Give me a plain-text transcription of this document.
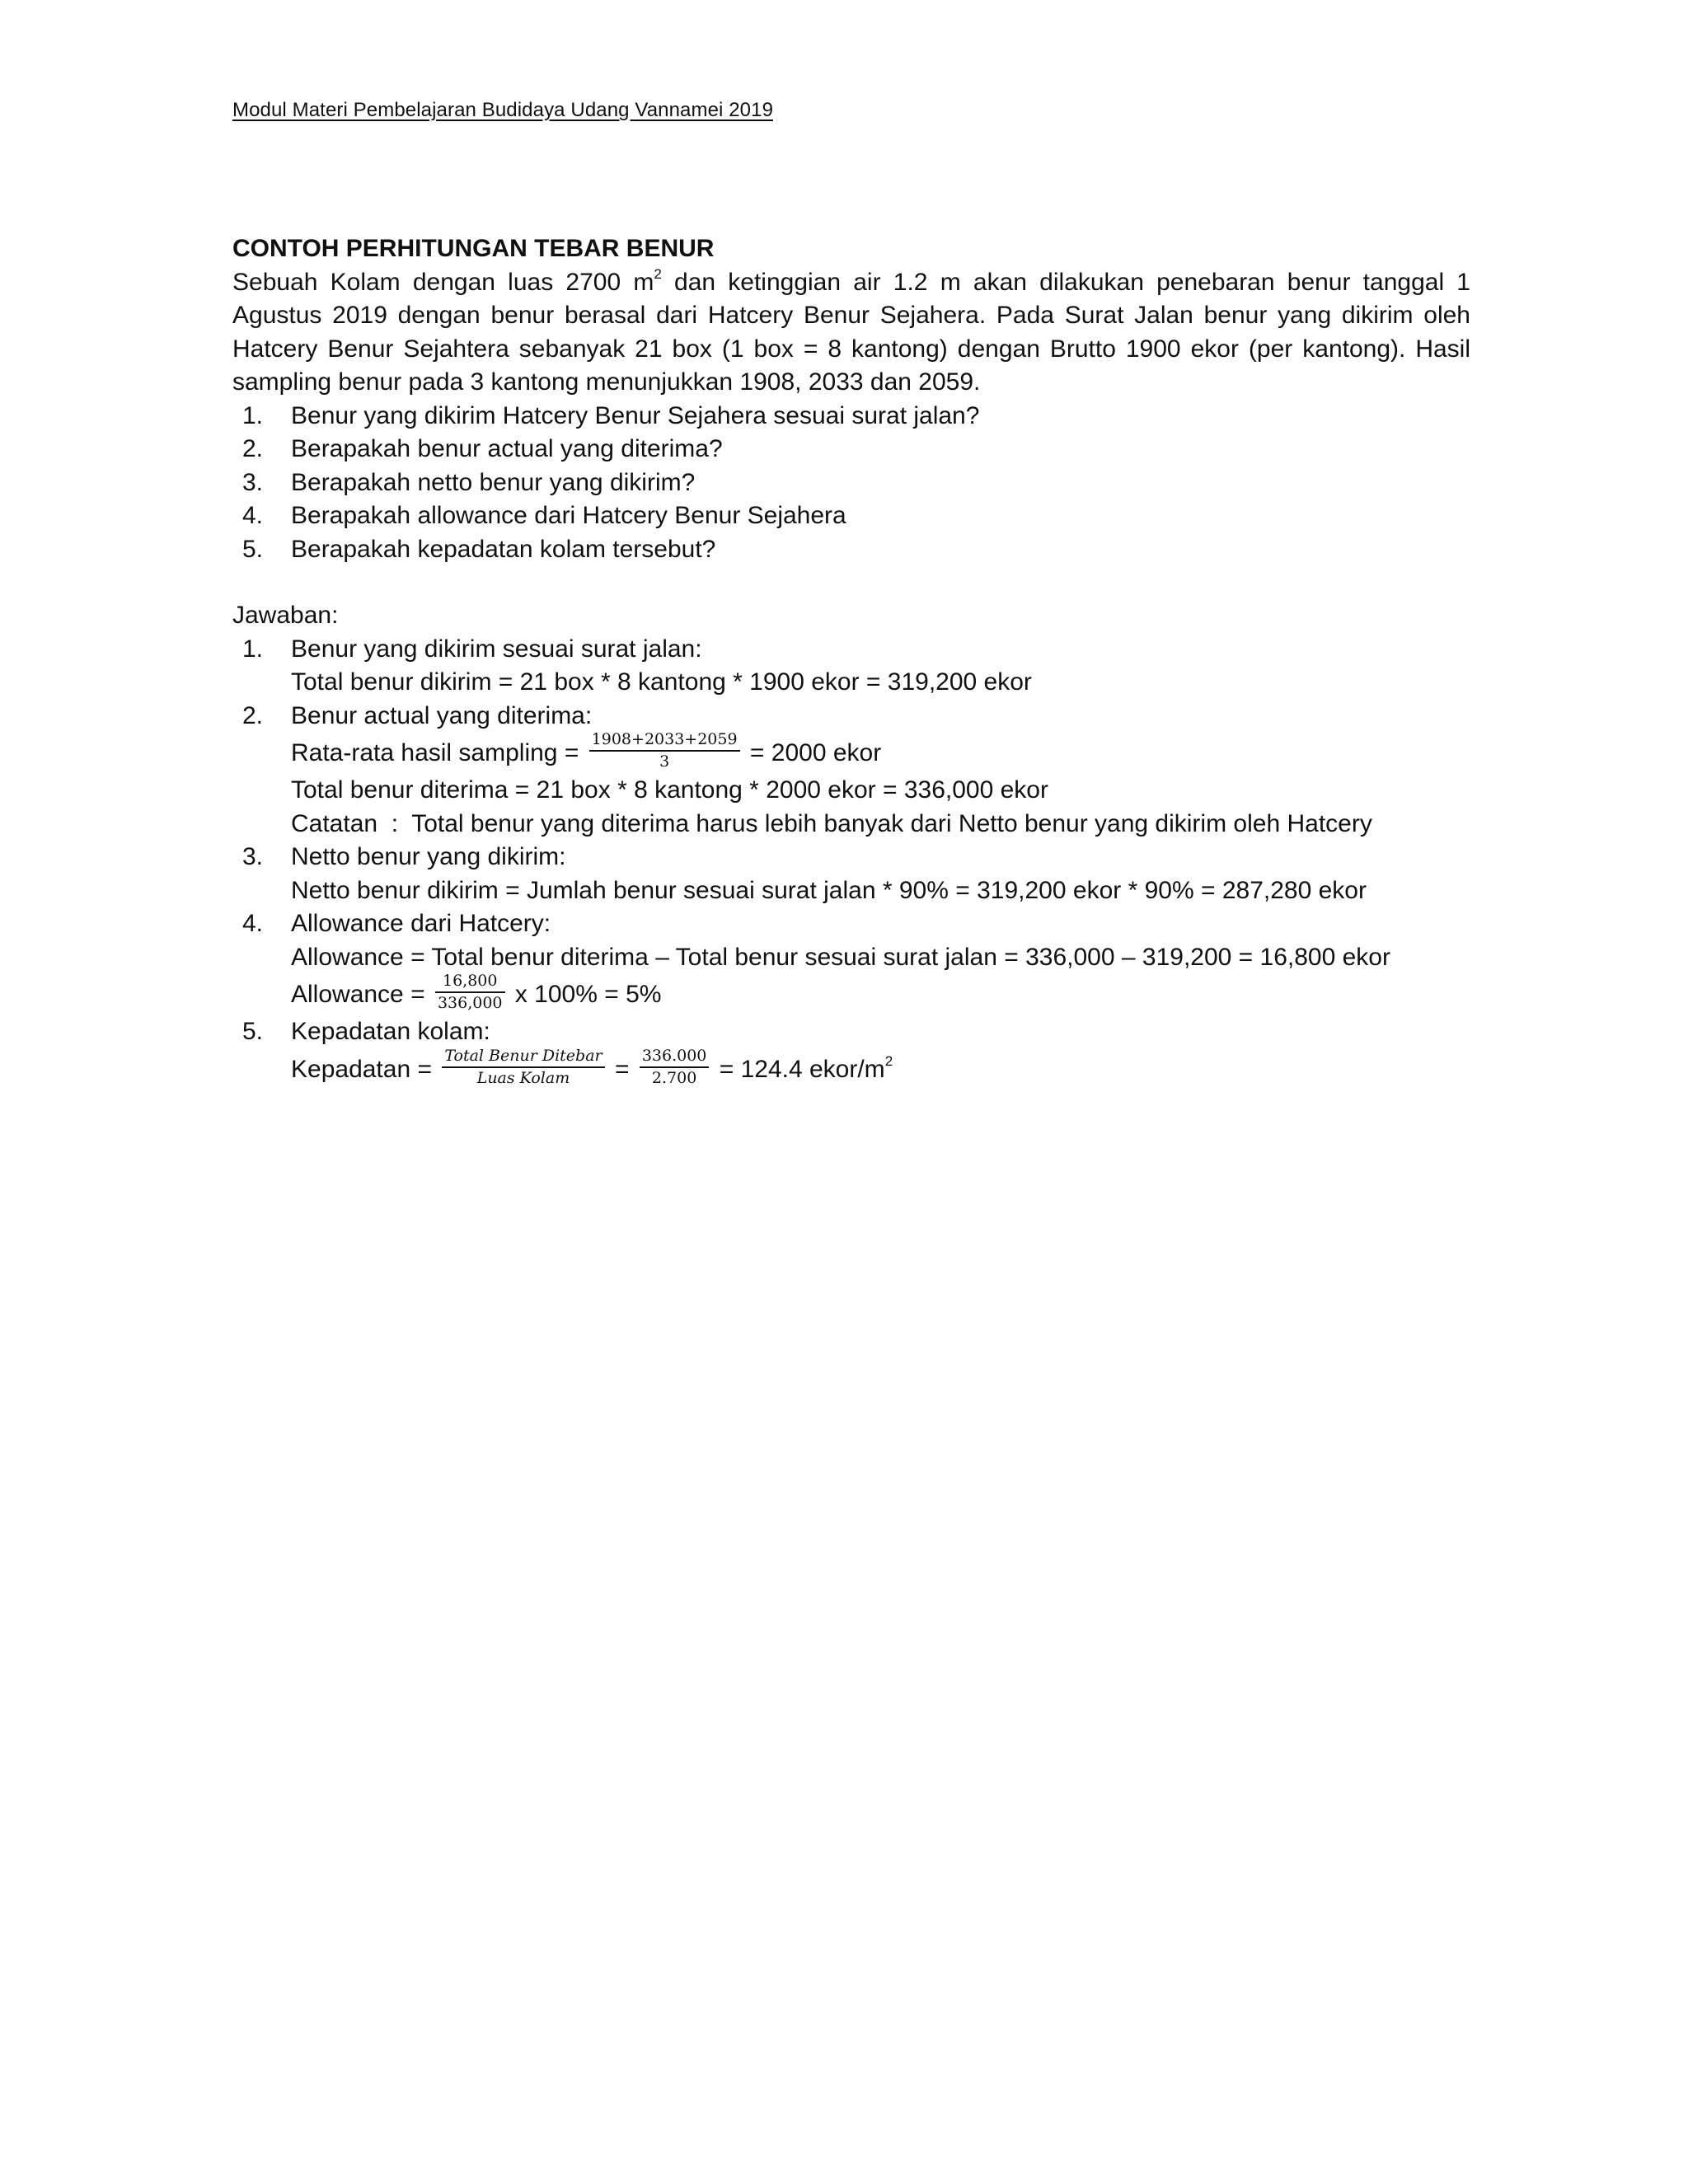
Modul Materi Pembelajaran Budidaya Udang Vannamei 2019

CONTOH PERHITUNGAN TEBAR BENUR

Sebuah Kolam dengan luas 2700 $m^2$ dan ketinggian air 1.2 m akan dilakukan penebaran benur tanggal 1 Agustus 2019 dengan benur berasal dari Hatcery Benur Sejahera. Pada Surat Jalan benur yang dikirim oleh Hatcery Benur Sejahtera sebanyak 21 box (1 box = 8 kantong) dengan Brutto 1900 ekor (per kantong). Hasil sampling benur pada 3 kantong menunjukkan 1908, 2033 dan 2059.

1. Benur yang dikirim Hatcery Benur Sejahera sesuai surat jalan?
2. Berapakah benur actual yang diterima?
3. Berapakah netto benur yang dikirim?
4. Berapakah allowance dari Hatcery Benur Sejahera
5. Berapakah kepadatan kolam tersebut?
Jawaban:
1. Benur yang dikirim sesuai surat jalan:
Total benur dikirim = 21 box * 8 kantong * 1900 ekor = 319,200 ekor
2. Benur actual yang diterima:
Rata-rata hasil sampling = $\frac{1908+2033+2059}{3} = 2000$ ekor
Total benur diterima = 21 box * 8 kantong * 2000 ekor = 336,000 ekor
Catatan  :  Total benur yang diterima harus lebih banyak dari Netto benur yang dikirim oleh Hatcery
3. Netto benur yang dikirim:
Netto benur dikirim = Jumlah benur sesuai surat jalan * 90% = 319,200 ekor * 90% = 287,280 ekor
4. Allowance dari Hatcery:
Allowance = Total benur diterima – Total benur sesuai surat jalan = 336,000 – 319,200 = 16,800 ekor
Allowance = $\frac{16,800}{336,000}$ x 100% = 5%
5. Kepadatan kolam:
Kepadatan = $\frac{\text{Total Benur Ditebar}}{\text{Luas Kolam}} = \frac{336.000}{2.700} = 124.4$ ekor/$m^2$
